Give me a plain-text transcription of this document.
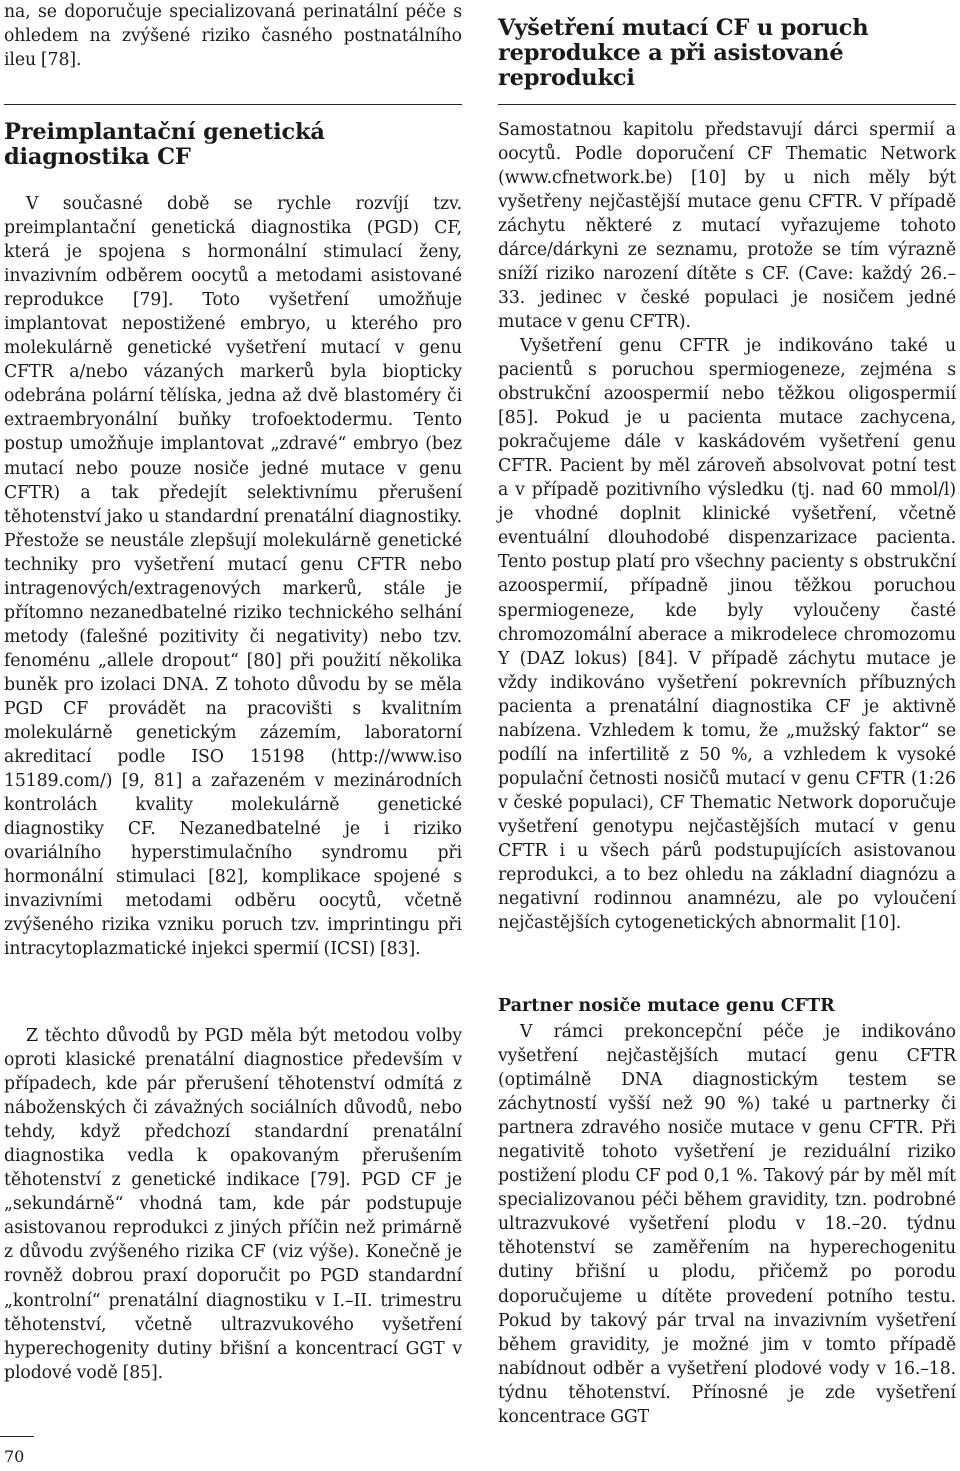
na, se doporučuje specializovaná perinatální péče s ohledem na zvýšené riziko časného postnatálního ileu [78].

Preimplantační genetická diagnostika CF

V současné době se rychle rozvíjí tzv. preimplantační genetická diagnostika (PGD) CF, která je spojena s hormonální stimulací ženy, invazivním odběrem oocytů a metodami asistované reprodukce [79]. Toto vyšetření umožňuje implantovat nepostižené embryo, u kterého pro molekulárně genetické vyšetření mutací v genu CFTR a/nebo vázaných markerů byla biopticky odebrána polární tělíska, jedna až dvě blastoméry či extraembryonální buňky trofoektodermu. Tento postup umožňuje implantovat „zdravé“ embryo (bez mutací nebo pouze nosiče jedné mutace v genu CFTR) a tak předejít selektivnímu přerušení těhotenství jako u standardní prenatální diagnostiky. Přestože se neustále zlepšují molekulárně genetické techniky pro vyšetření mutací genu CFTR nebo intragenových/extragenových markerů, stále je přítomno nezanedbatelné riziko technického selhání metody (falešné pozitivity či negativity) nebo tzv. fenoménu „allele dropout“ [80] při použití několika buněk pro izolaci DNA. Z tohoto důvodu by se měla PGD CF provádět na pracovišti s kvalitním molekulárně genetickým zázemím, laboratorní akreditací podle ISO 15198 (http://www.iso 15189.com/) [9, 81] a zařazeném v mezinárodních kontrolách kvality molekulárně genetické diagnostiky CF. Nezanedbatelné je i riziko ovariálního hyperstimulačního syndromu při hormonální stimulaci [82], komplikace spojené s invazivními metodami odběru oocytů, včetně zvýšeného rizika vzniku poruch tzv. imprintingu při intracytoplazmatické injekci spermií (ICSI) [83].

Z těchto důvodů by PGD měla být metodou volby oproti klasické prenatální diagnostice především v případech, kde pár přerušení těhotenství odmítá z náboženských či závažných sociálních důvodů, nebo tehdy, když předchozí standardní prenatální diagnostika vedla k opakovaným přerušením těhotenství z genetické indikace [79]. PGD CF je „sekundárně“ vhodná tam, kde pár podstupuje asistovanou reprodukci z jiných příčin než primárně z důvodu zvýšeného rizika CF (viz výše). Konečně je rovněž dobrou praxí doporučit po PGD standardní „kontrolní“ prenatální diagnostiku v I.–II. trimestru těhotenství, včetně ultrazvukového vyšetření hyperechogenity dutiny břišní a koncentrací GGT v plodové vodě [85].

Vyšetření mutací CF u poruch reprodukce a při asistované reprodukci

Samostatnou kapitolu představují dárci spermií a oocytů. Podle doporučení CF Thematic Network (www.cfnetwork.be) [10] by u nich měly být vyšetřeny nejčastější mutace genu CFTR. V případě záchytu některé z mutací vyřazujeme tohoto dárce/dárkyni ze seznamu, protože se tím výrazně sníží riziko narození dítěte s CF. (Cave: každý 26.–33. jedinec v české populaci je nosičem jedné mutace v genu CFTR).

Vyšetření genu CFTR je indikováno také u pacientů s poruchou spermiogeneze, zejména s obstrukční azoospermií nebo těžkou oligospermií [85]. Pokud je u pacienta mutace zachycena, pokračujeme dále v kaskádovém vyšetření genu CFTR. Pacient by měl zároveň absolvovat potní test a v případě pozitivního výsledku (tj. nad 60 mmol/l) je vhodné doplnit klinické vyšetření, včetně eventuální dlouhodobé dispenzarizace pacienta. Tento postup platí pro všechny pacienty s obstrukční azoospermií, případně jinou těžkou poruchou spermiogeneze, kde byly vyloučeny časté chromozomální aberace a mikrodelece chromozomu Y (DAZ lokus) [84]. V případě záchytu mutace je vždy indikováno vyšetření pokrevních příbuzných pacienta a prenatální diagnostika CF je aktivně nabízena. Vzhledem k tomu, že „mužský faktor“ se podílí na infertilitě z 50 %, a vzhledem k vysoké populační četnosti nosičů mutací v genu CFTR (1:26 v české populaci), CF Thematic Network doporučuje vyšetření genotypu nejčastějších mutací v genu CFTR i u všech párů podstupujících asistovanou reprodukci, a to bez ohledu na základní diagnózu a negativní rodinnou anamnézu, ale po vyloučení nejčastějších cytogenetických abnormalit [10].

Partner nosiče mutace genu CFTR

V rámci prekoncepční péče je indikováno vyšetření nejčastějších mutací genu CFTR (optimálně DNA diagnostickým testem se záchytností vyšší než 90 %) také u partnerky či partnera zdravého nosiče mutace v genu CFTR. Při negativitě tohoto vyšetření je reziduální riziko postižení plodu CF pod 0,1 %. Takový pár by měl mít specializovanou péči během gravidity, tzn. podrobné ultrazvukové vyšetření plodu v 18.–20. týdnu těhotenství se zaměřením na hyperechogenitu dutiny břišní u plodu, přičemž po porodu doporučujeme u dítěte provedení potního testu. Pokud by takový pár trval na invazivním vyšetření během gravidity, je možné jim v tomto případě nabídnout odběr a vyšetření plodové vody v 16.–18. týdnu těhotenství. Přínosné je zde vyšetření koncentrace GGT

70
